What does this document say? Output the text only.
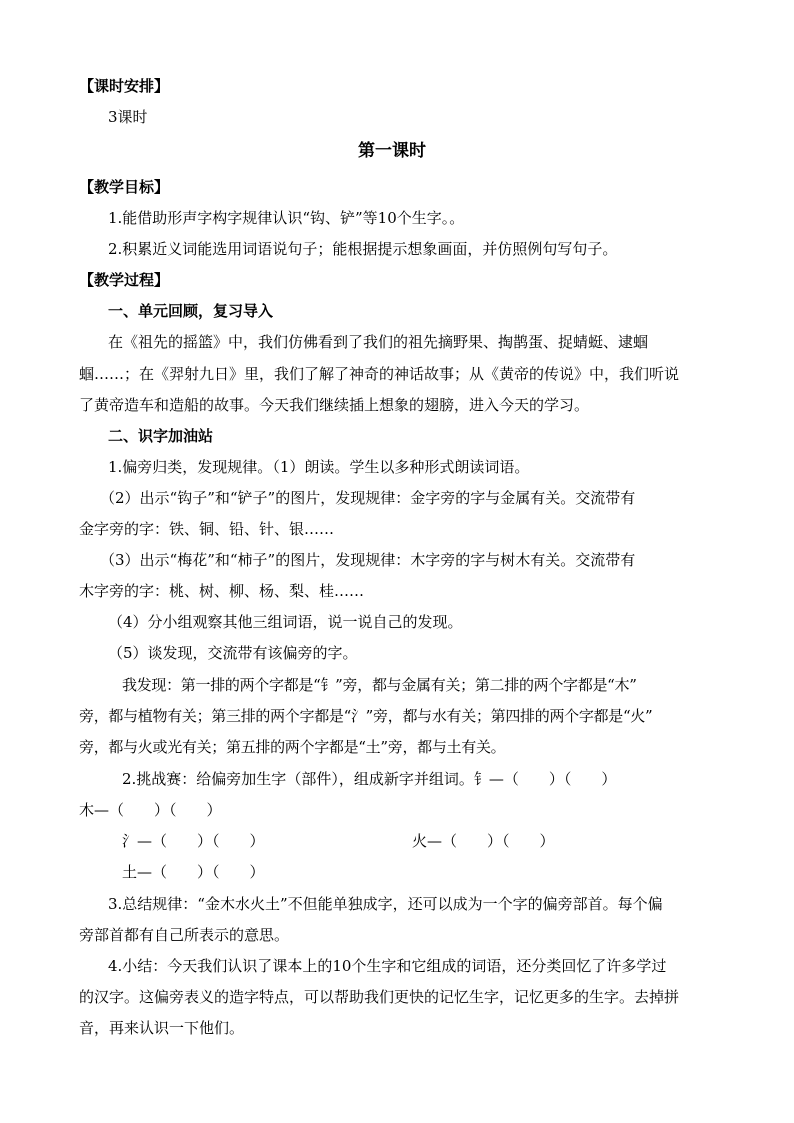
【课时安排】
3课时
第一课时
【教学目标】
1.能借助形声字构字规律认识“钩、铲”等10个生字。。
2.积累近义词能选用词语说句子；能根据提示想象画面，并仿照例句写句子。
【教学过程】
一、单元回顾，复习导入
在《祖先的摇篮》中，我们仿佛看到了我们的祖先摘野果、掏鹊蛋、捉蜻蜓、逮蝈
蝈……；在《羿射九日》里，我们了解了神奇的神话故事；从《黄帝的传说》中，我们听说
了黄帝造车和造船的故事。今天我们继续插上想象的翅膀，进入今天的学习。
二、识字加油站
1.偏旁归类，发现规律。（1）朗读。学生以多种形式朗读词语。
（2）出示“钩子”和“铲子”的图片，发现规律：金字旁的字与金属有关。交流带有
金字旁的字：铁、铜、铅、针、银……
（3）出示“梅花”和“柿子”的图片，发现规律：木字旁的字与树木有关。交流带有
木字旁的字：桃、树、柳、杨、梨、桂……
（4）分小组观察其他三组词语，说一说自己的发现。
（5）谈发现，交流带有该偏旁的字。
我发现：第一排的两个字都是“钅”旁，都与金属有关；第二排的两个字都是“木”
旁，都与植物有关；第三排的两个字都是“氵”旁，都与水有关；第四排的两个字都是“火”
旁，都与火或光有关；第五排的两个字都是“土”旁，都与土有关。
2.挑战赛：给偏旁加生字（部件），组成新字并组词。钅—（　　）（　　）
木—（　　）（　　）
氵—（　　）（　　）	火—（　　）（　　）
土—（　　）（　　）
3.总结规律：“金木水火土”不但能单独成字，还可以成为一个字的偏旁部首。每个偏
旁部首都有自己所表示的意思。
4.小结：今天我们认识了课本上的10个生字和它组成的词语，还分类回忆了许多学过
的汉字。这偏旁表义的造字特点，可以帮助我们更快的记忆生字，记忆更多的生字。去掉拼
音，再来认识一下他们。
